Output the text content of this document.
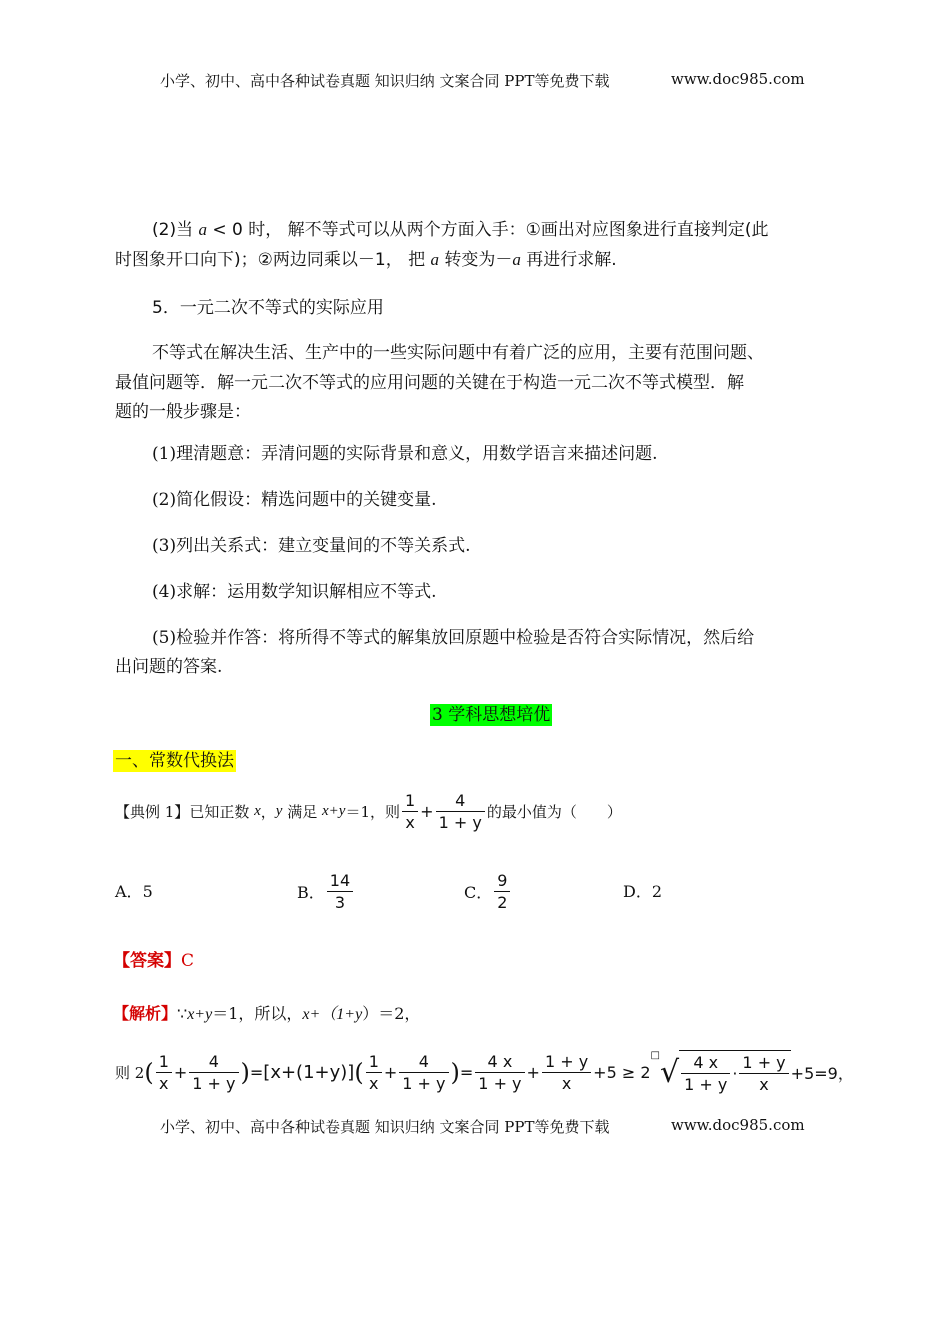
小学、初中、高中各种试卷真题 知识归纳 文案合同 PPT等免费下载	www.doc985.com
(2)当 a < 0 时， 解不等式可以从两个方面入手：①画出对应图象进行直接判定(此
时图象开口向下)；②两边同乘以－1， 把 a 转变为－a 再进行求解.
5．一元二次不等式的实际应用
不等式在解决生活、生产中的一些实际问题中有着广泛的应用，主要有范围问题、
最值问题等．解一元二次不等式的应用问题的关键在于构造一元二次不等式模型．解
题的一般步骤是：
(1)理清题意：弄清问题的实际背景和意义，用数学语言来描述问题.
(2)简化假设：精选问题中的关键变量.
(3)列出关系式：建立变量间的不等关系式.
(4)求解：运用数学知识解相应不等式.
(5)检验并作答：将所得不等式的解集放回原题中检验是否符合实际情况，然后给
出问题的答案.
3 学科思想培优
一、常数代换法
【典例 1】已知正数 x，y 满足 x+y＝1，则 $\frac{1}{x} + \frac{4}{1 + y}$ 的最小值为（　　）
A．5	B． $\frac{14}{3}$	C． $\frac{9}{2}$	D．2
【答案】C
【解析】∵x+y＝1，所以，x+（1+y）＝2，
则 $2( \frac{1}{x} + \frac{4}{1 + y} )=[x+(1+y)]( \frac{1}{x} + \frac{4}{1 + y}$ )= $\frac{4 x}{1 + y} + \frac{1 + y}{x} +5 \ge 2^□√ \frac{4 x}{1 + y} \cdot \frac{1 + y}{x} +5=9$，
小学、初中、高中各种试卷真题 知识归纳 文案合同 PPT等免费下载	www.doc985.com
